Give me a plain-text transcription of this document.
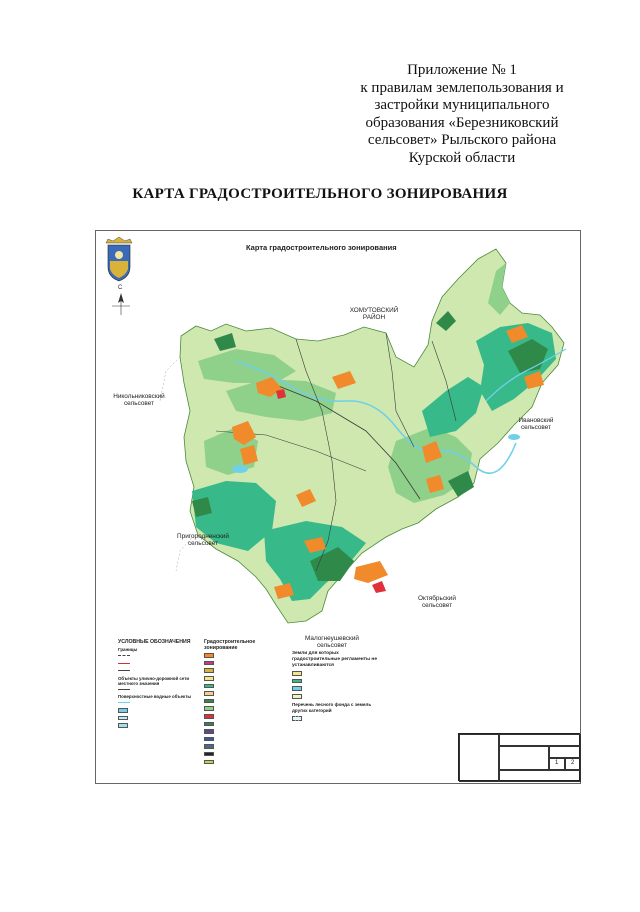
Приложение № 1
к правилам землепользования и
застройки муниципального
образования «Березниковский
сельсовет» Рыльского района
Курской области
КАРТА ГРАДОСТРОИТЕЛЬНОГО ЗОНИРОВАНИЯ
С
Карта градостроительного зонирования
ХОМУТОВСКИЙ
РАЙОН
Никольниковский
сельсовет
Ивановский
сельсовет
Пригородненский
сельсовет
Октябрьский
сельсовет
Малогнеушевский
сельсовет
УСЛОВНЫЕ ОБОЗНАЧЕНИЯ
Границы
Объекты улично-дорожной сети местного значения
Поверхностные водные объекты
Градостроительное зонирование
Земли для которых градостроительные регламенты не устанавливаются
Перечень лесного фонда с земель других категорий
1 2
